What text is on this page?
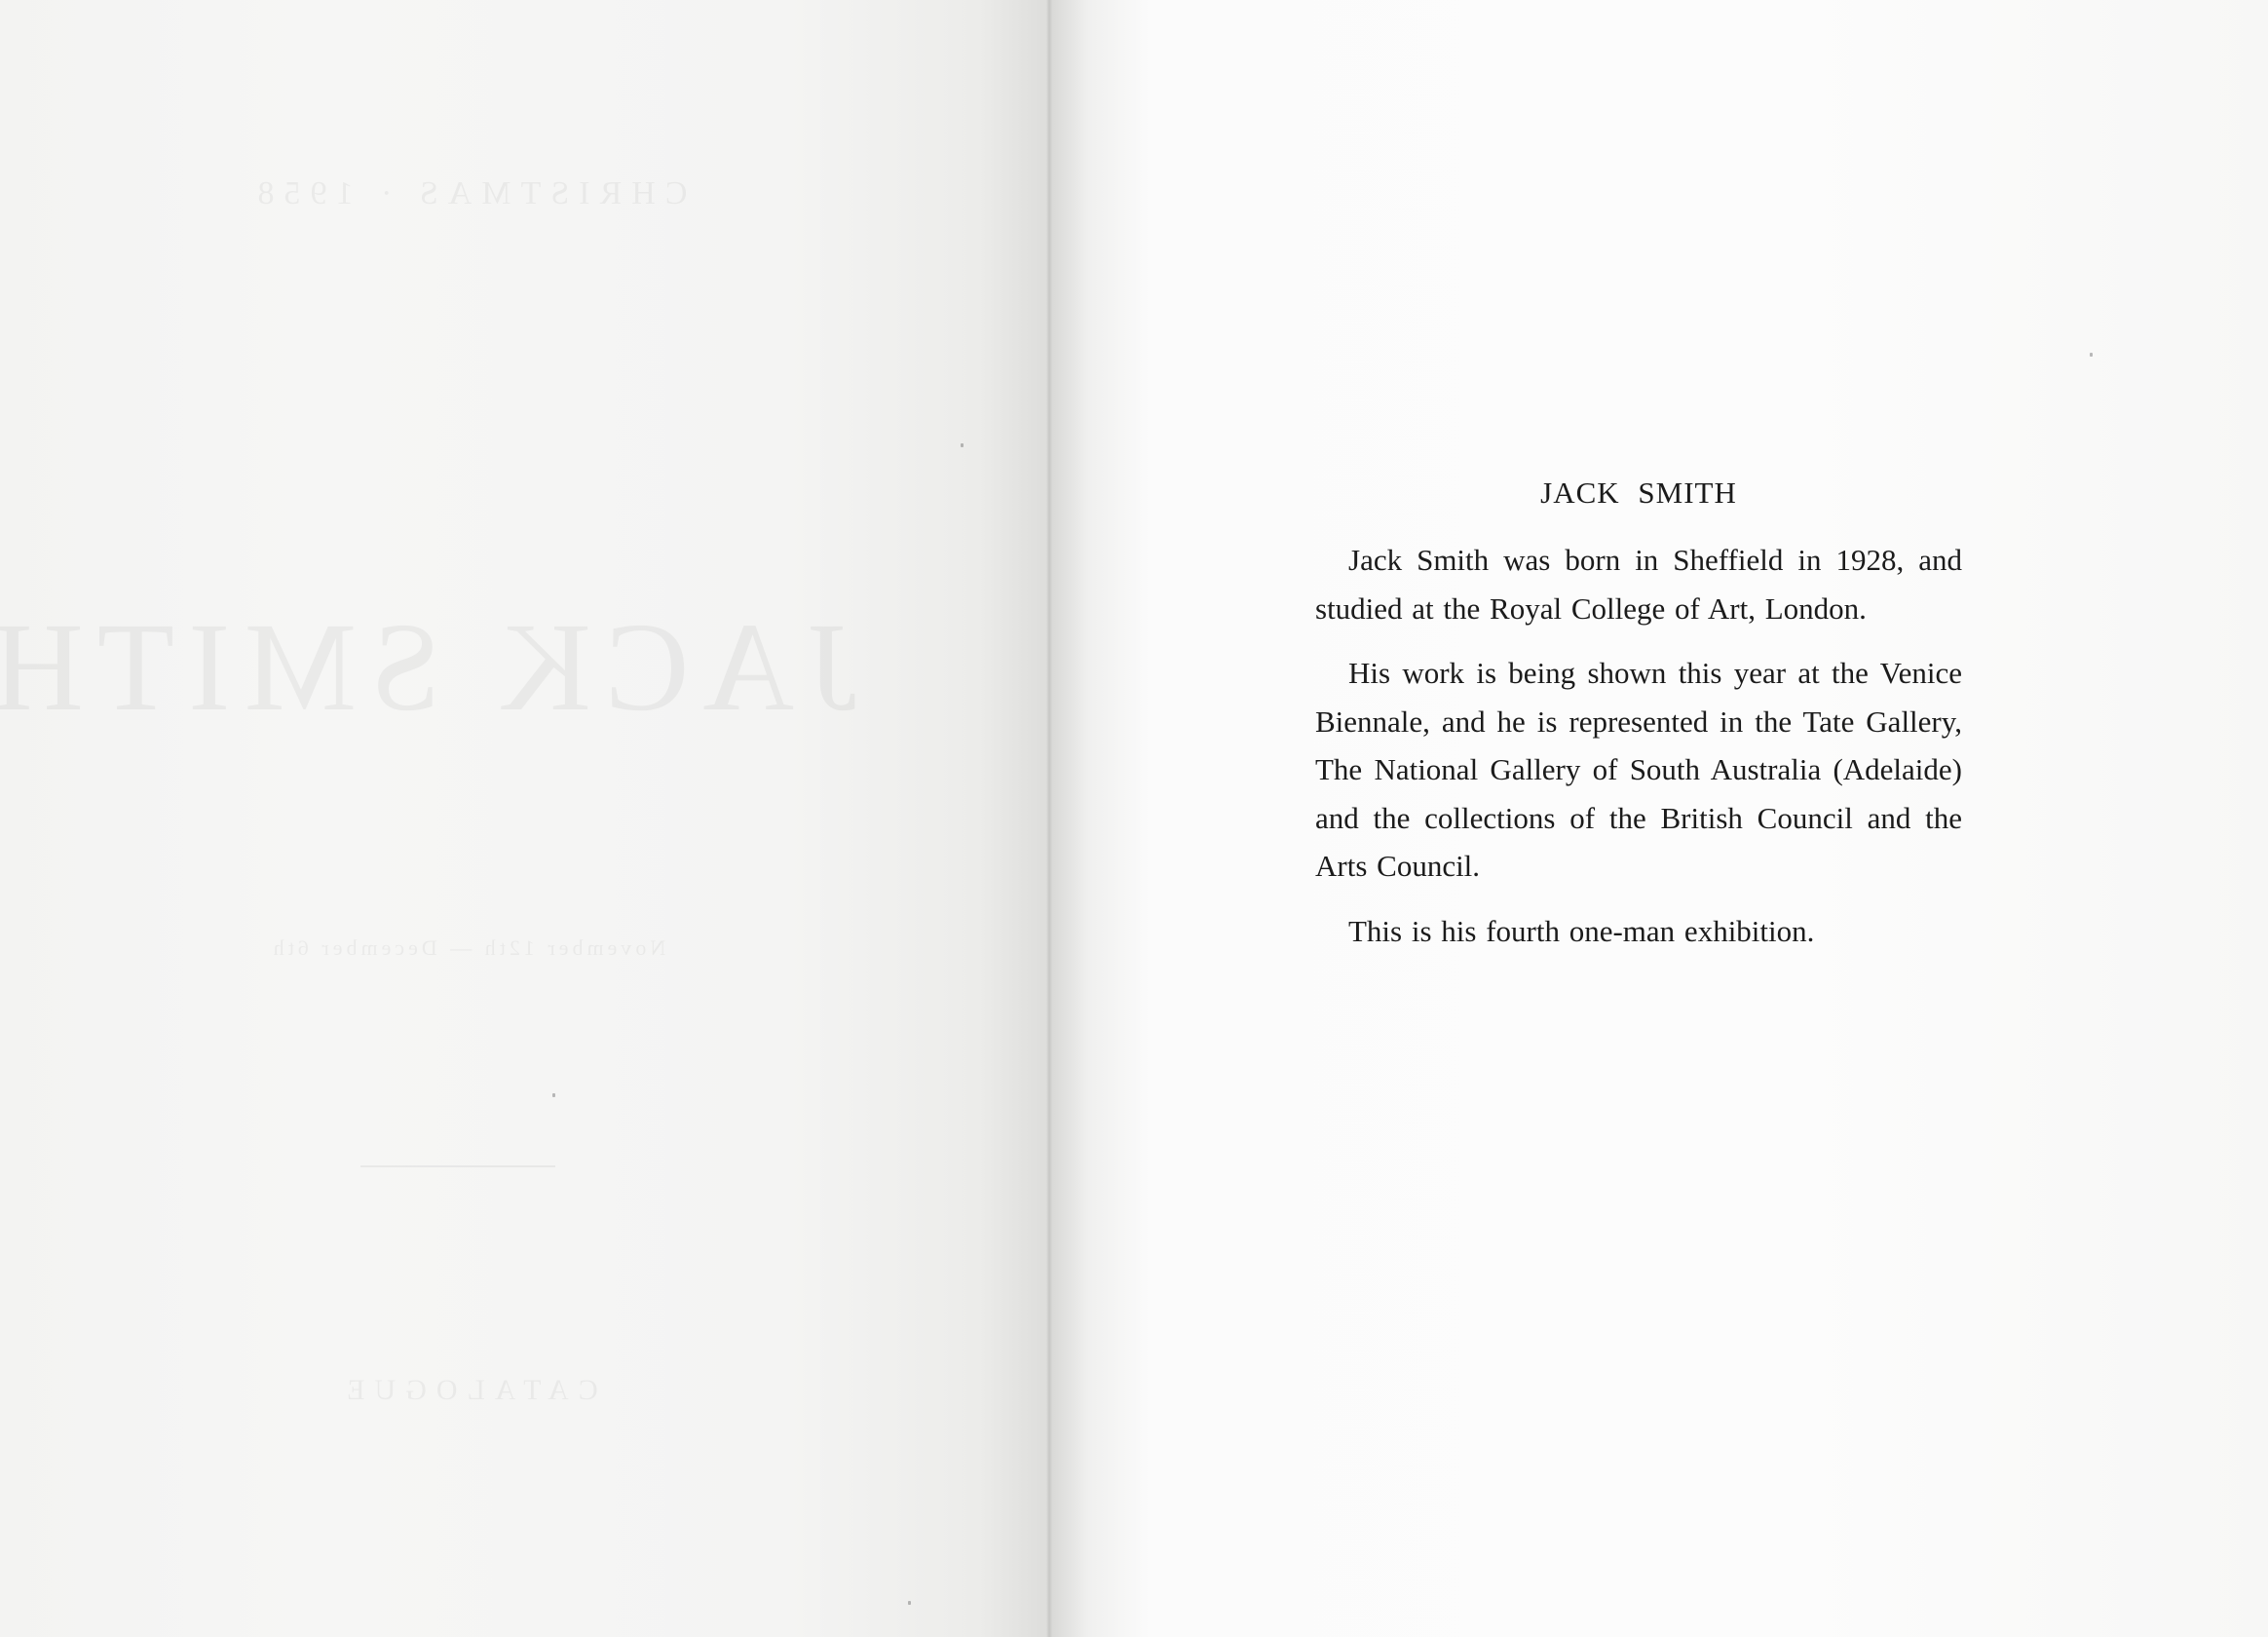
JACK SMITH

Jack Smith was born in Sheffield in 1928, and studied at the Royal College of Art, London.

His work is being shown this year at the Venice Biennale, and he is represented in the Tate Gallery, The National Gallery of South Australia (Adelaide) and the collections of the British Council and the Arts Council.

This is his fourth one-man exhibition.
